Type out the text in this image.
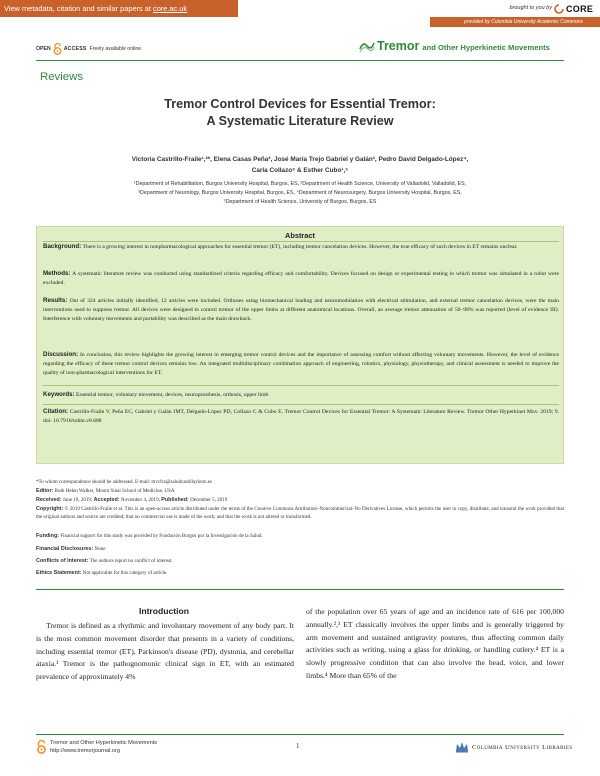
View metadata, citation and similar papers at core.ac.uk	brought to you by CORE
provided by Columbia University Academic Commons
OPEN	ACCESS Freely available online	Tremor and Other Hyperkinetic Movements
Reviews
Tremor Control Devices for Essential Tremor:
A Systematic Literature Review
Victoria Castrillo-Fraile¹,²*, Elena Casas Peña², José María Trejo Gabriel y Galán³, Pedro David Delgado-López⁴,
Carla Collazo⁵ & Esther Cubo¹,⁵
¹Department of Rehabilitation, Burgos University Hospital, Burgos, ES, ²Department of Health Science, University of Valladolid, Valladolid, ES,
³Department of Neurology, Burgos University Hospital, Burgos, ES, ⁴Department of Neurosurgery, Burgos University Hospital, Burgos, ES,
⁵Department of Health Science, University of Burgos, Burgos, ES
Abstract
Background: There is a growing interest in nonpharmacological approaches for essential tremor (ET), including tremor cancelation devices. However, the true efficacy of such devices in ET remains unclear.
Methods: A systematic literature review was conducted using standardized criteria regarding efficacy and comfortability. Devices focused on design or experimental testing in which tremor was simulated in a robot were excluded.
Results: Out of 324 articles initially identified, 12 articles were included. Orthoses using biomechanical loading and neuromodulation with electrical stimulation, and external tremor cancelation devices, were the main interventions used to suppress tremor. All devices were designed to control tremor of the upper limbs at different anatomical locations. Overall, an average tremor attenuation of 50–98% was reported (level of evidence III). Interference with voluntary movements and portability was described as the main drawback.
Discussion: In conclusion, this review highlights the growing interest in emerging tremor control devices and the importance of assessing comfort without affecting voluntary movements. However, the level of evidence regarding the efficacy of these tremor control devices remains low. An integrated multidisciplinary combination approach of engineering, robotics, physiology, physiotherapy, and clinical assessment is needed to improve the quality of non-pharmacological interventions for ET.
Keywords: Essential tremor, voluntary movement, devices, neuroprosthesis, orthosis, upper limb
Citation: Castrillo-Fraile V, Peña EC, Gabriel y Galán JMT, Delgado-López PD, Collazo C & Cubo E. Tremor Control Devices for Essential Tremor: A Systematic Literature Review. Tremor Other Hyperkinet Mov. 2019; 9. doi: 10.7916/tohm.v0.688
*To whom correspondence should be addressed. E-mail: mvcfra@saludcastillayleon.es
Editor: Ruth Helen Walker, Mount Sinai School of Medicine, USA
Received: June 19, 2019; Accepted: November 4, 2019; Published: December 5, 2019
Copyright: © 2019 Castrillo-Fraile et al. This is an open-access article distributed under the terms of the Creative Commons Attribution–Noncommercial–No Derivatives License, which permits the user to copy, distribute, and transmit the work provided that the original authors and source are credited; that no commercial use is made of the work; and that the work is not altered or transformed.
Funding: Financial support for this study was provided by Fundación Burgos por la Investigación de la Salud.
Financial Disclosures: None
Conflicts of Interest: The authors report no conflict of interest.
Ethics Statement: Not applicable for this category of article.
Introduction
Tremor is defined as a rhythmic and involuntary movement of any body part. It is the most common movement disorder that presents in a variety of conditions, including essential tremor (ET), Parkinson's disease (PD), dystonia, and cerebellar ataxia.¹ Tremor is the pathognomonic clinical sign in ET, with an estimated prevalence of approximately 4%
of the population over 65 years of age and an incidence rate of 616 per 100,000 annually.²,³ ET classically involves the upper limbs and is generally triggered by arm movement and sustained antigravity postures, thus affecting common daily activities such as writing, using a glass for drinking, or handling cutlery.⁴ ET is a slowly progressive condition that can also involve the head, voice, and lower limbs.⁴ More than 65% of the
Tremor and Other Hyperkinetic Movements
http://www.tremorjournal.org
1	Columbia University Libraries
